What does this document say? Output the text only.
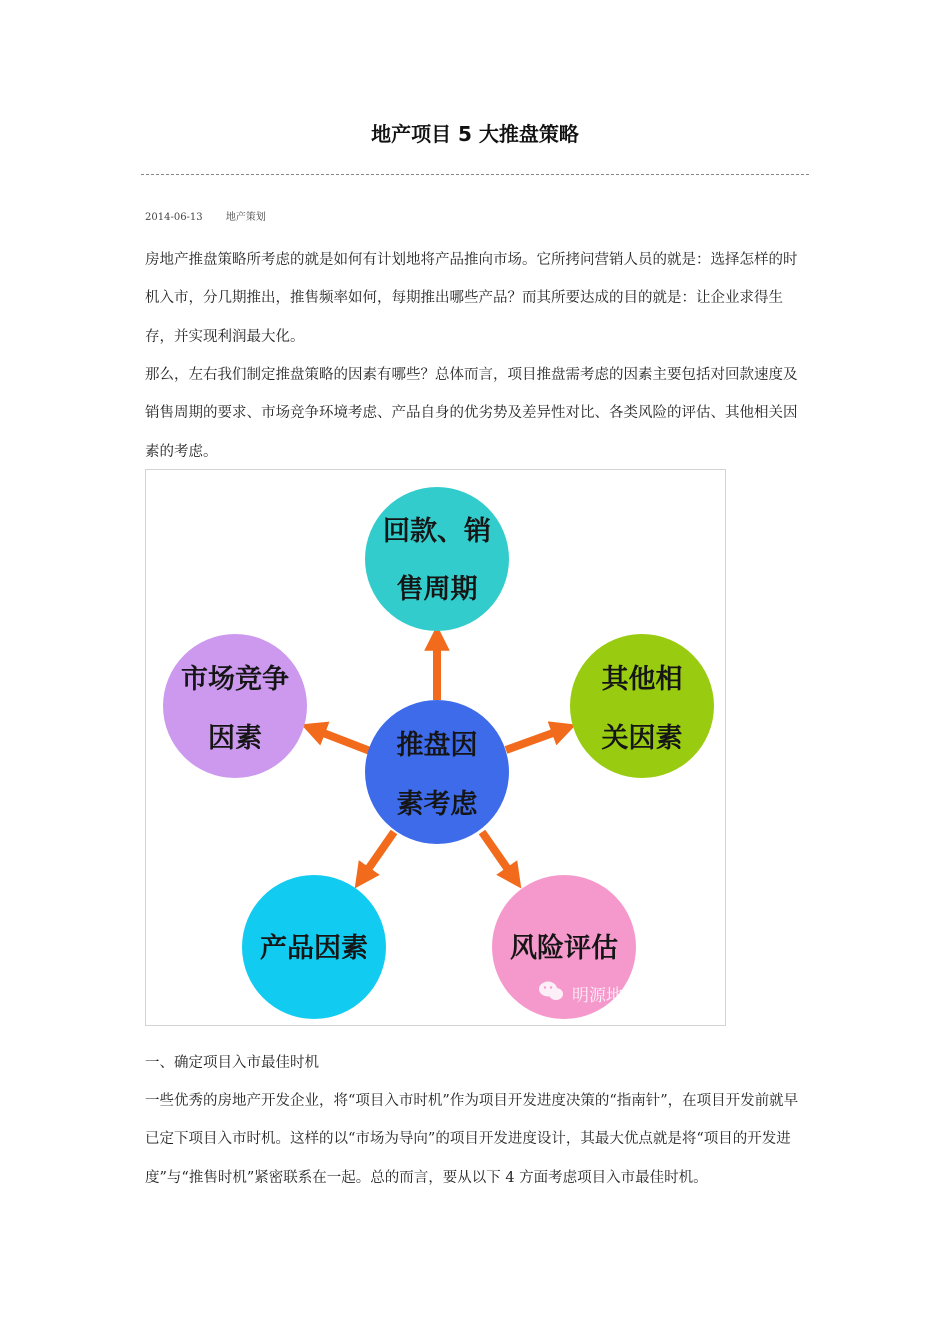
地产项目 5 大推盘策略
2014-06-13 地产策划

房地产推盘策略所考虑的就是如何有计划地将产品推向市场。它所拷问营销人员的就是：选择怎样的时机入市，分几期推出，推售频率如何，每期推出哪些产品？而其所要达成的目的就是：让企业求得生存，并实现利润最大化。

那么，左右我们制定推盘策略的因素有哪些？总体而言，项目推盘需考虑的因素主要包括对回款速度及销售周期的要求、市场竞争环境考虑、产品自身的优劣势及差异性对比、各类风险的评估、其他相关因素的考虑。

回款、销
售周期
市场竞争
因素
其他相
关因素
推盘因
素考虑
产品因素	风险评估
明源地产研究院

一、确定项目入市最佳时机

一些优秀的房地产开发企业，将“项目入市时机”作为项目开发进度决策的“指南针”，在项目开发前就早已定下项目入市时机。这样的以“市场为导向”的项目开发进度设计，其最大优点就是将“项目的开发进度”与“推售时机”紧密联系在一起。总的而言，要从以下 4 方面考虑项目入市最佳时机。
